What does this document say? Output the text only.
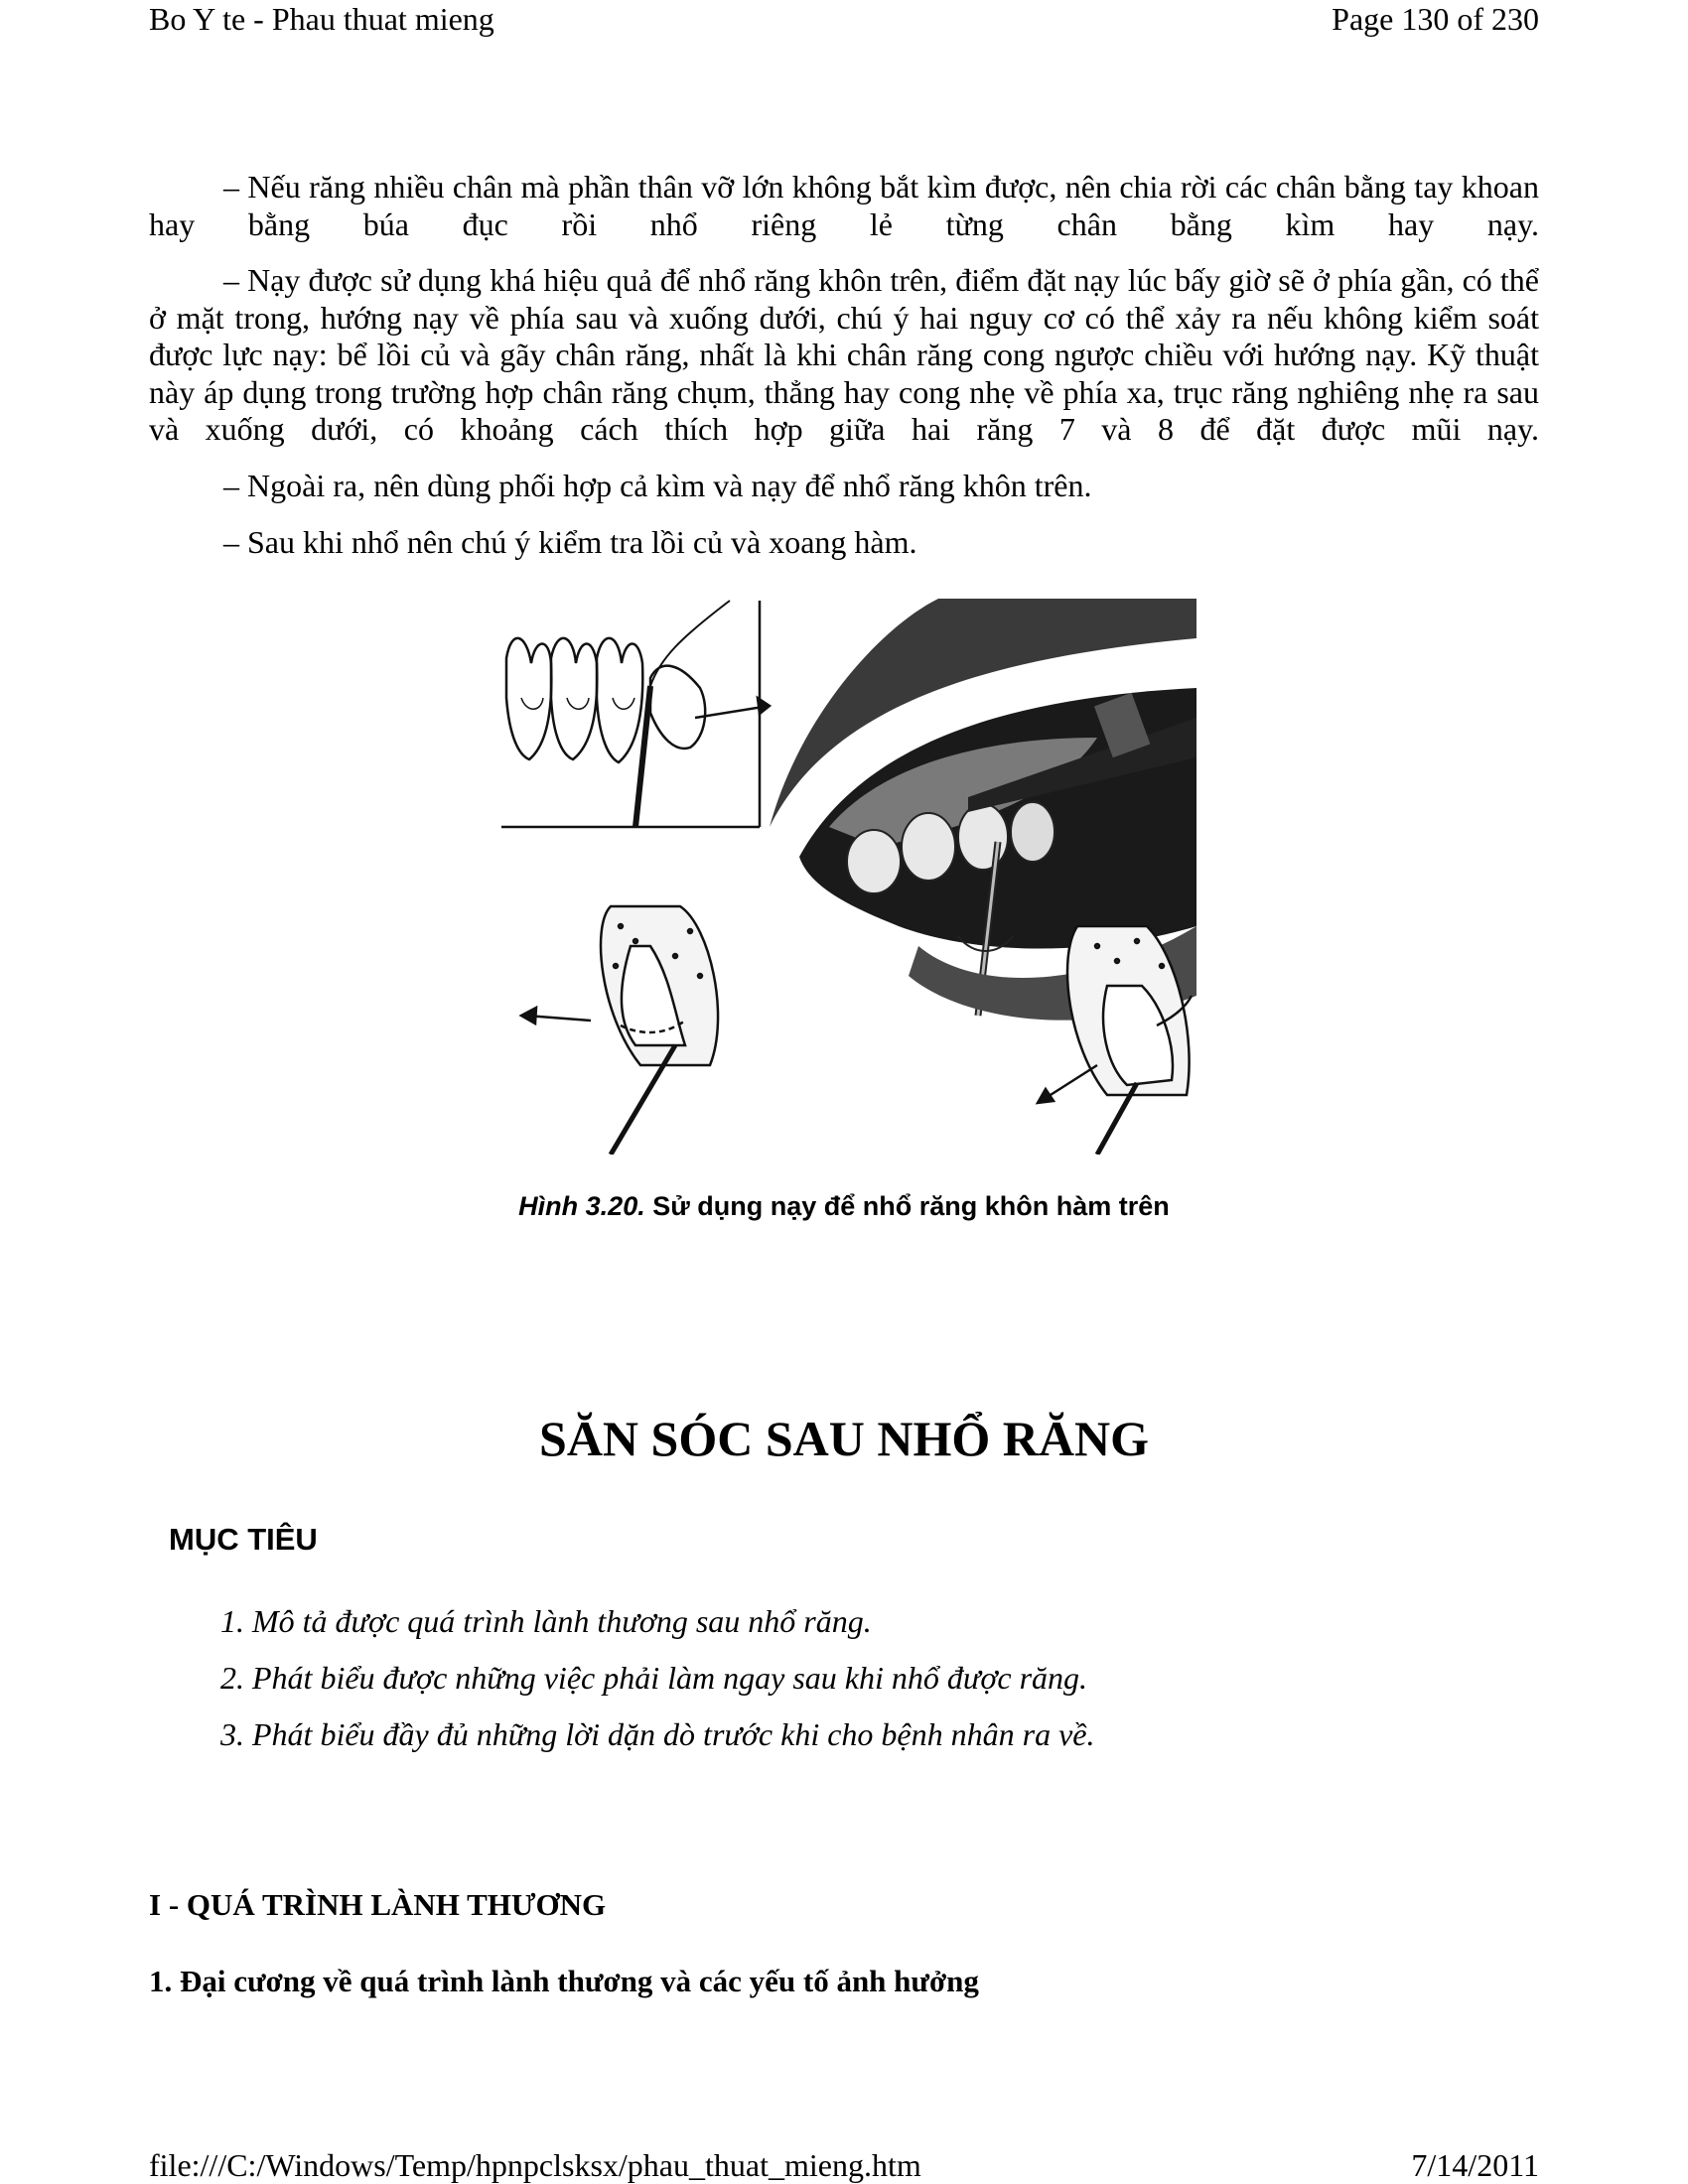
Bo Y te - Phau thuat mieng	Page 130 of 230

– Nếu răng nhiều chân mà phần thân vỡ lớn không bắt kìm được, nên chia rời các chân bằng tay khoan hay bằng búa đục rồi nhổ riêng lẻ từng chân bằng kìm hay nạy.

– Nạy được sử dụng khá hiệu quả để nhổ răng khôn trên, điểm đặt nạy lúc bấy giờ sẽ ở phía gần, có thể ở mặt trong, hướng nạy về phía sau và xuống dưới, chú ý hai nguy cơ có thể xảy ra nếu không kiểm soát được lực nạy: bể lồi củ và gãy chân răng, nhất là khi chân răng cong ngược chiều với hướng nạy. Kỹ thuật này áp dụng trong trường hợp chân răng chụm, thẳng hay cong nhẹ về phía xa, trục răng nghiêng nhẹ ra sau và xuống dưới, có khoảng cách thích hợp giữa hai răng 7 và 8 để đặt được mũi nạy.

– Ngoài ra, nên dùng phối hợp cả kìm và nạy để nhổ răng khôn trên.

– Sau khi nhổ nên chú ý kiểm tra lồi củ và xoang hàm.

Hình 3.20. Sử dụng nạy để nhổ răng khôn hàm trên
SĂN SÓC SAU NHỔ RĂNG
MỤC TIÊU

1. Mô tả được quá trình lành thương sau nhổ răng.

2. Phát biểu được những việc phải làm ngay sau khi nhổ được răng.

3. Phát biểu đầy đủ những lời dặn dò trước khi cho bệnh nhân ra về.

I - QUÁ TRÌNH LÀNH THƯƠNG
1. Đại cương về quá trình lành thương và các yếu tố ảnh hưởng
file:///C:/Windows/Temp/hpnpclsksx/phau_thuat_mieng.htm	7/14/2011
